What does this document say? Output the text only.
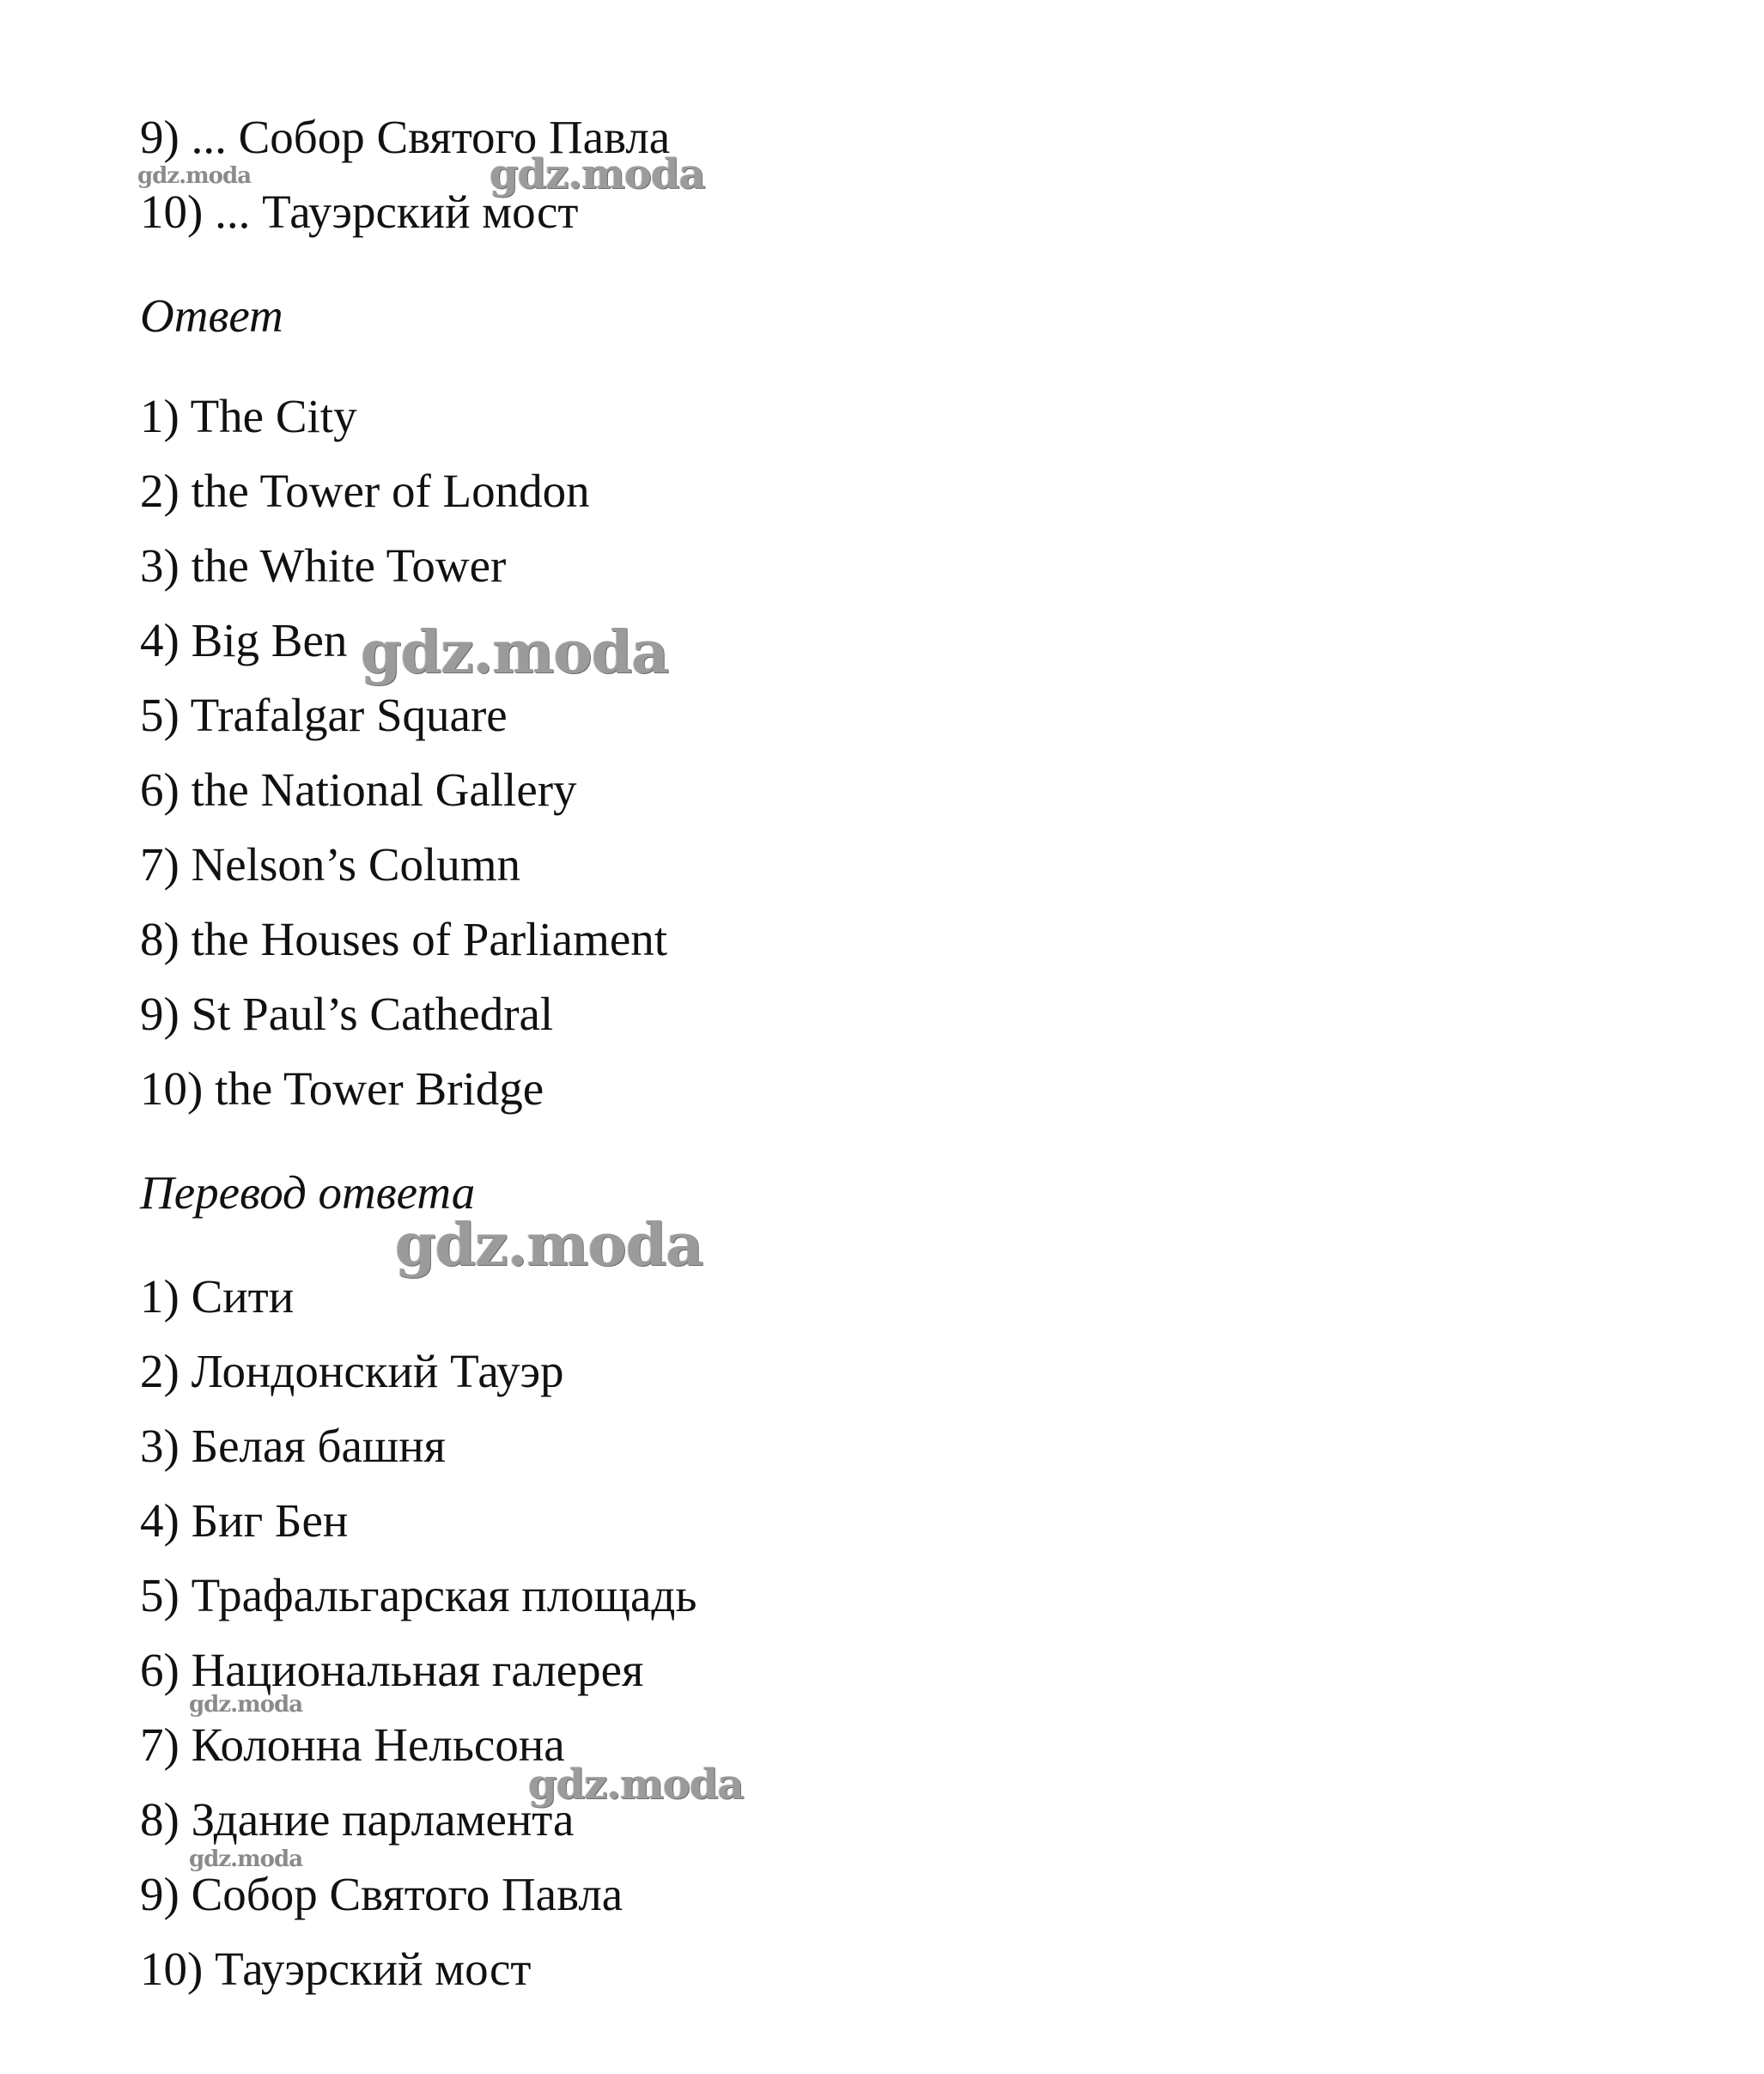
9) ... Собор Святого Павла
10) ... Тауэрский мост
Ответ
1) The City
2) the Tower of London
3) the White Tower
4) Big Ben
5) Trafalgar Square
6) the National Gallery
7) Nelson’s Column
8) the Houses of Parliament
9) St Paul’s Cathedral
10) the Tower Bridge
Перевод ответа
1) Сити
2) Лондонский Тауэр
3) Белая башня
4) Биг Бен
5) Трафальгарская площадь
6) Национальная галерея
7) Колонна Нельсона
8) Здание парламента
9) Собор Святого Павла
10) Тауэрский мост
gdz.moda	gdz.moda
gdz.moda
gdz.moda
gdz.moda
gdz.moda
gdz.moda
